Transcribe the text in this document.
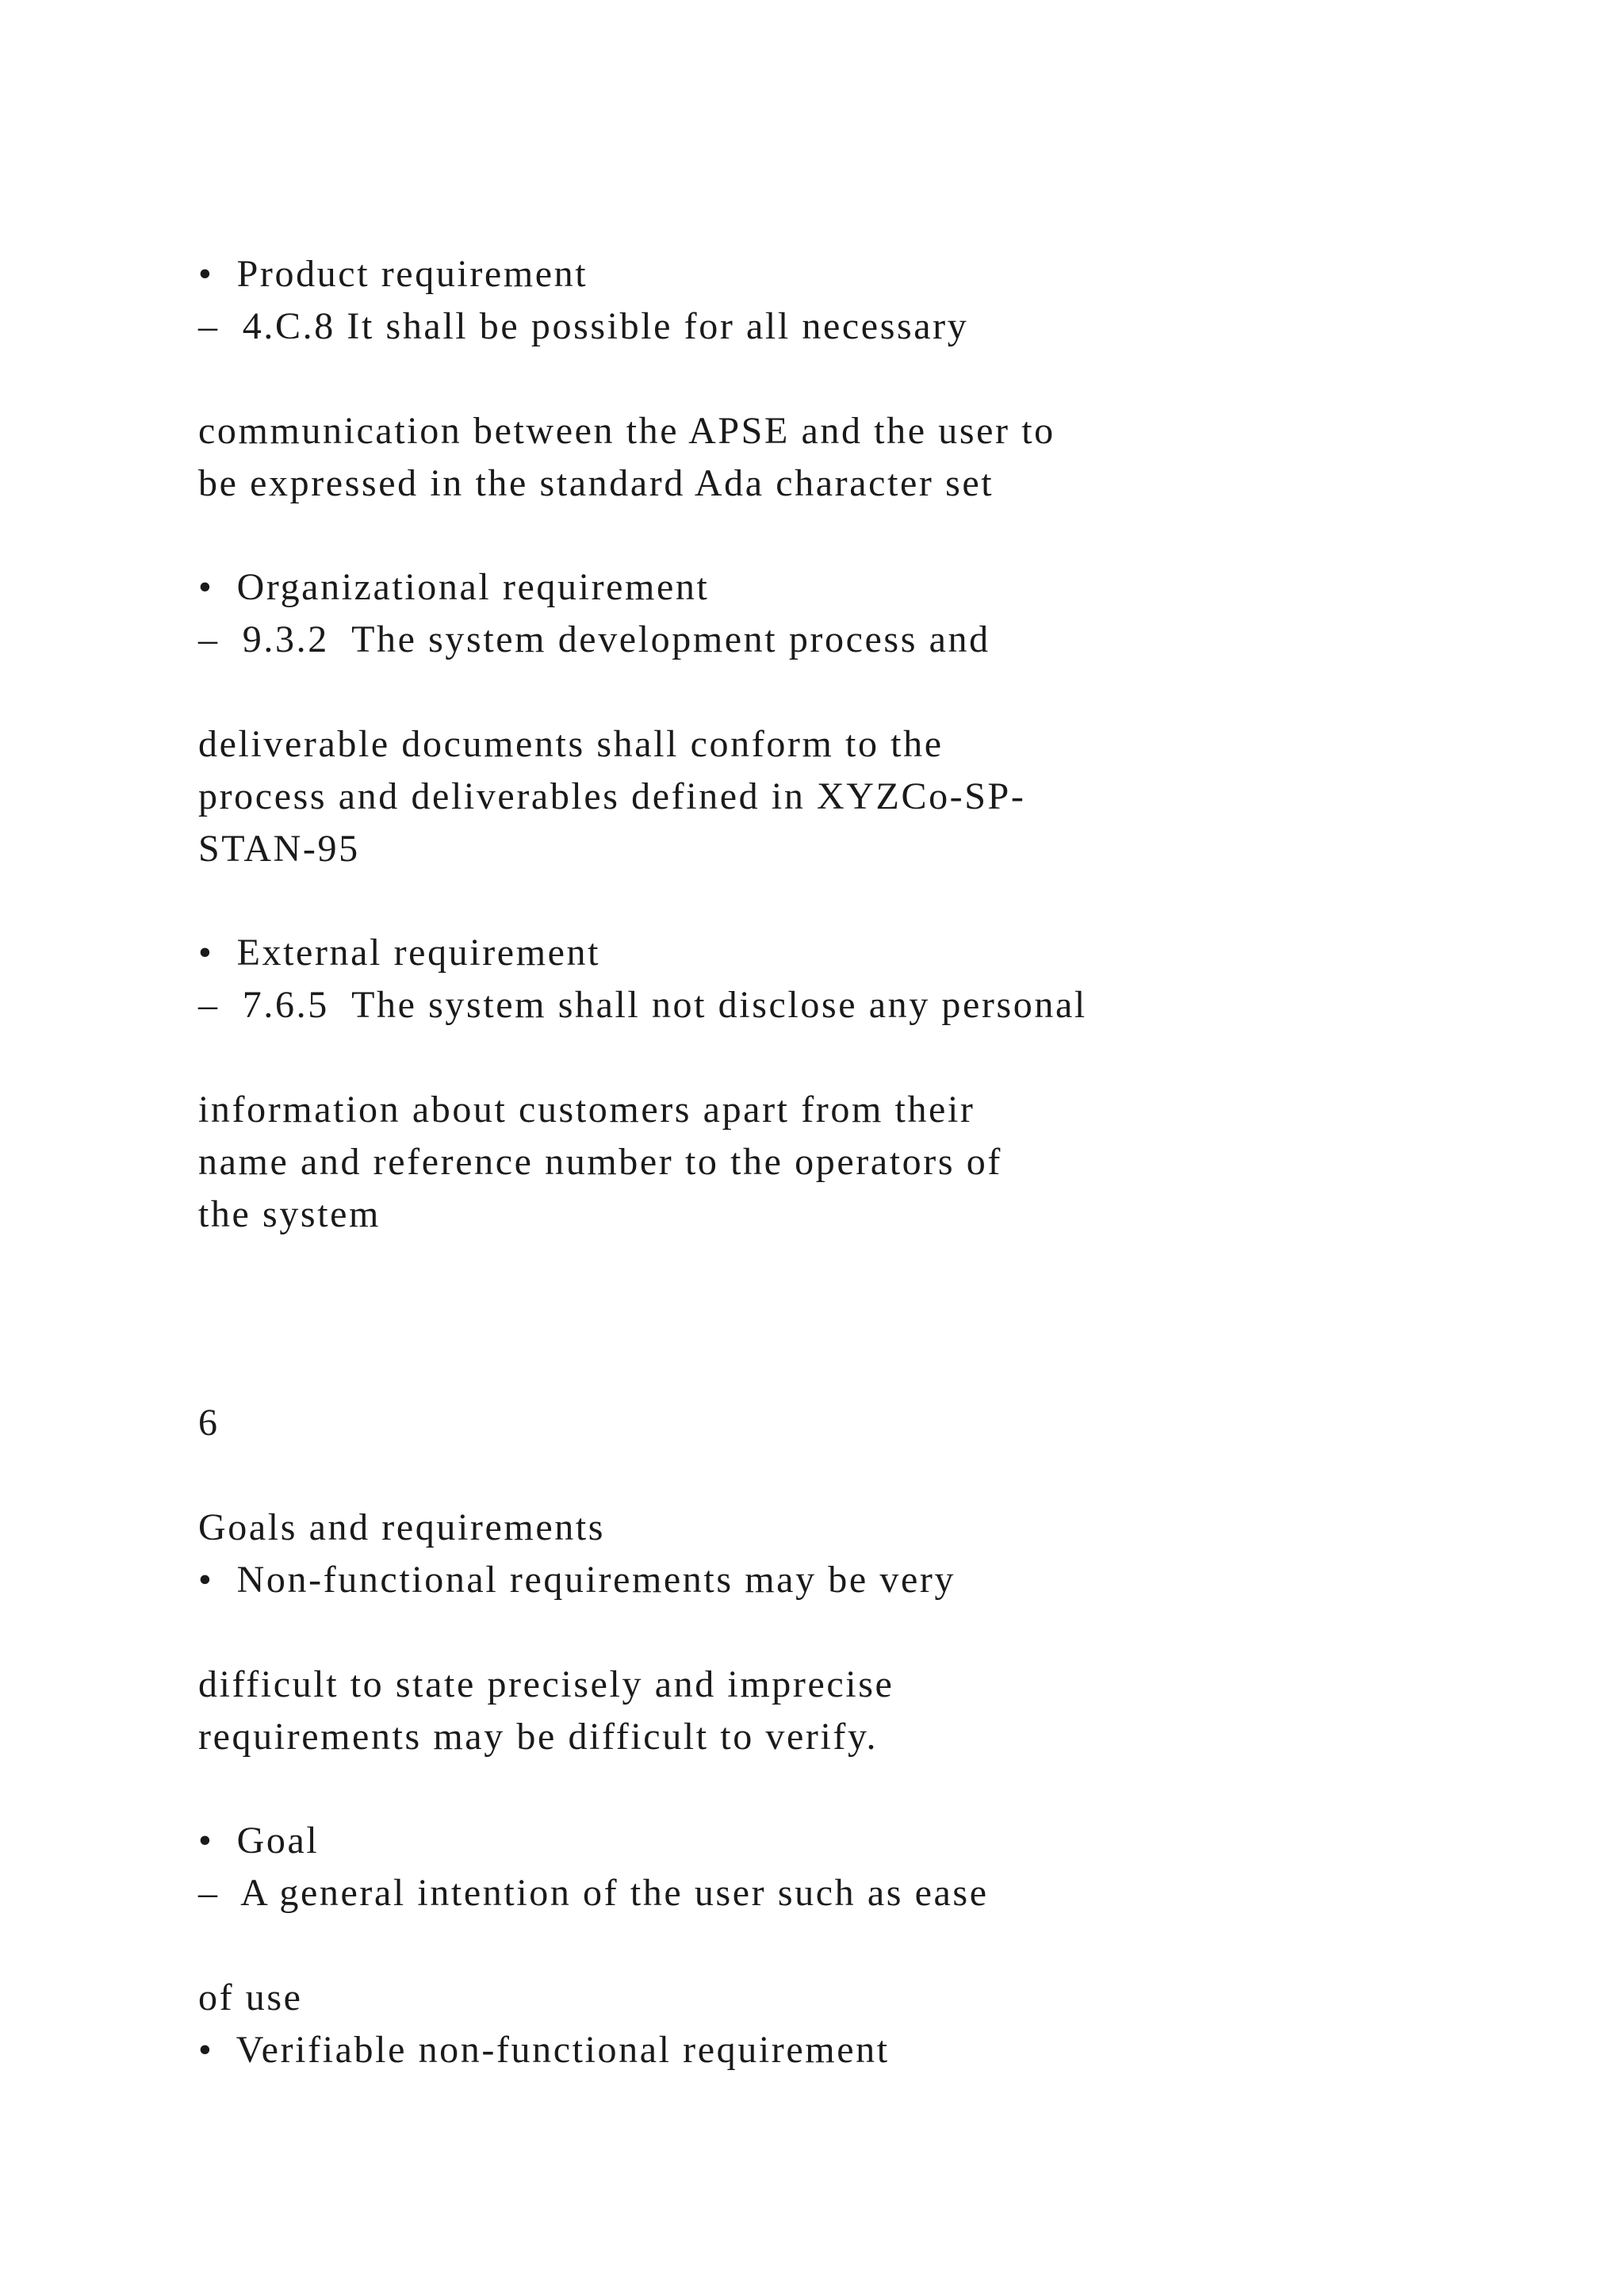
•  Product requirement

–  4.C.8 It shall be possible for all necessary

communication between the APSE and the user to

be expressed in the standard Ada character set

•  Organizational requirement

–  9.3.2  The system development process and

deliverable documents shall conform to the

process and deliverables defined in XYZCo-SP-

STAN-95

•  External requirement

–  7.6.5  The system shall not disclose any personal

information about customers apart from their

name and reference number to the operators of

the system

6

Goals and requirements

•  Non-functional requirements may be very

difficult to state precisely and imprecise

requirements may be difficult to verify.

•  Goal

–  A general intention of the user such as ease

of use

•  Verifiable non-functional requirement
